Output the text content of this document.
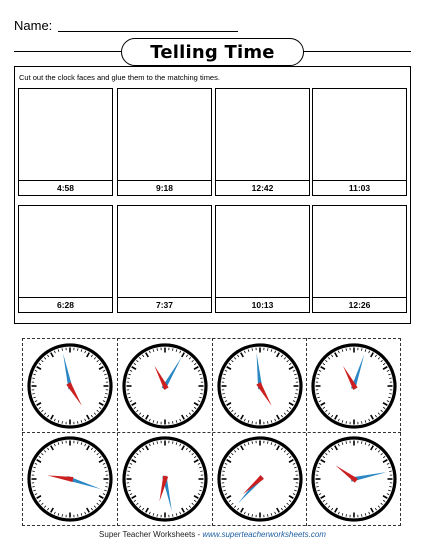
Name:
Telling Time
Cut out the clock faces and glue them to the matching times.
4:58	9:18	12:42	11:03
6:28	7:37	10:13	12:26
Super Teacher Worksheets - www.superteacherworksheets.com
